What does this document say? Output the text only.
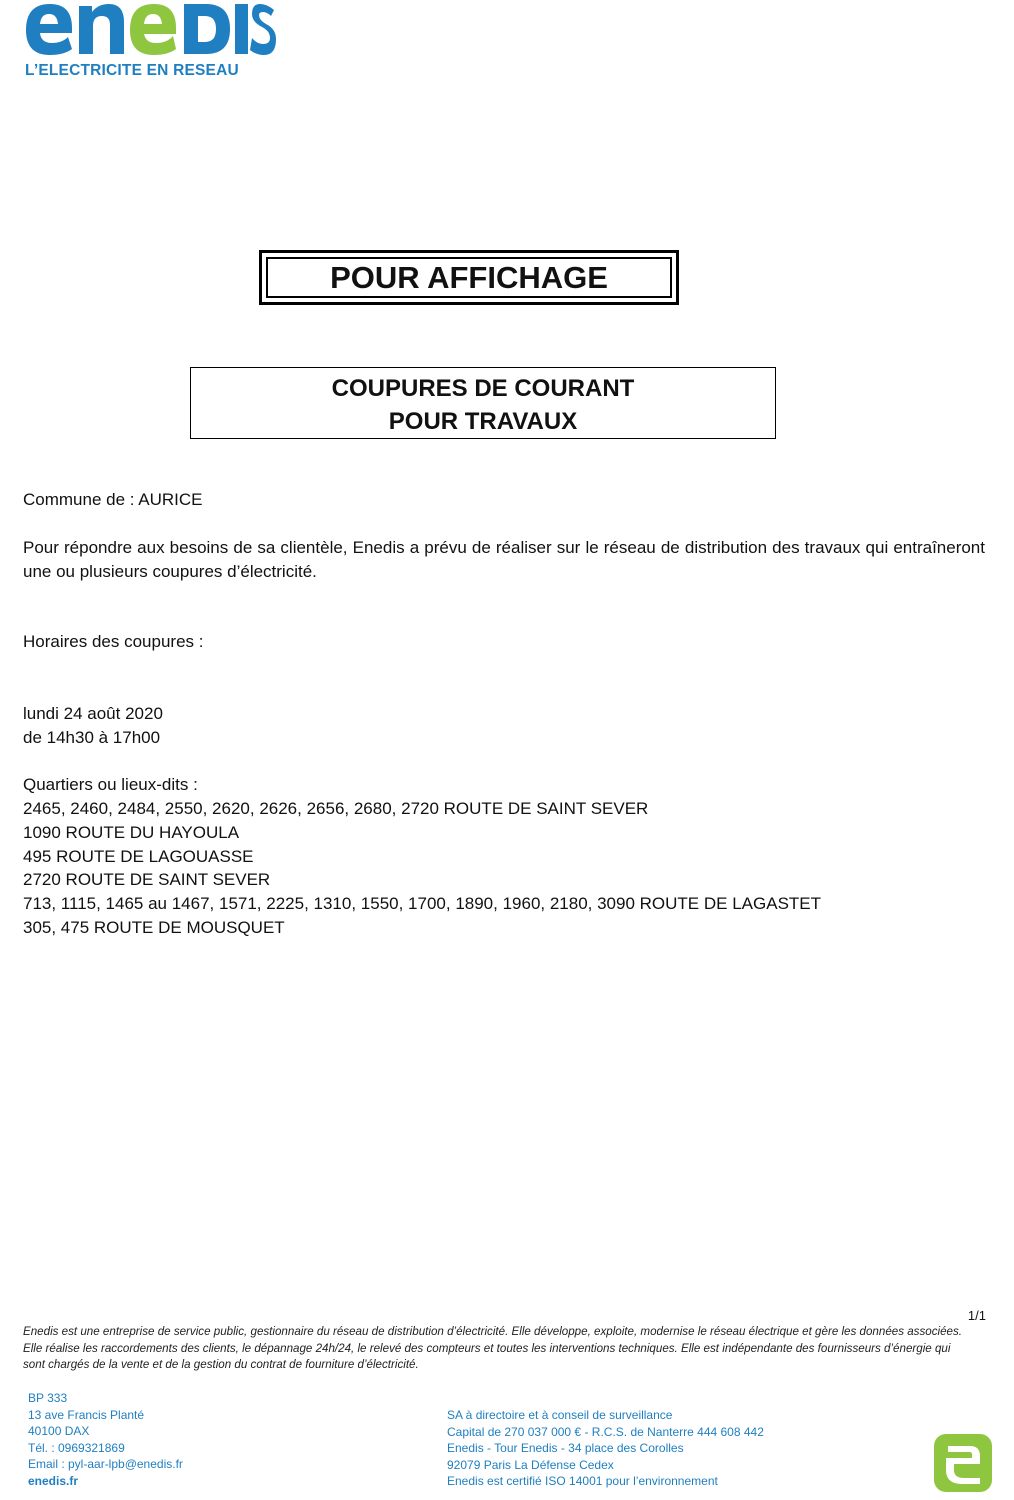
L’ELECTRICITE EN RESEAU
POUR AFFICHAGE
COUPURES DE COURANT
POUR TRAVAUX
Commune de : AURICE
Pour répondre aux besoins de sa clientèle, Enedis a prévu de réaliser sur le réseau de distribution des travaux qui entraîneront une ou plusieurs coupures d’électricité.
Horaires des coupures :
lundi 24 août 2020
de 14h30 à 17h00
Quartiers ou lieux-dits :
2465, 2460, 2484, 2550, 2620, 2626, 2656, 2680, 2720 ROUTE DE SAINT SEVER
1090 ROUTE DU HAYOULA
495 ROUTE DE LAGOUASSE
2720 ROUTE DE SAINT SEVER
713, 1115, 1465 au 1467, 1571, 2225, 1310, 1550, 1700, 1890, 1960, 2180, 3090 ROUTE DE LAGASTET
305, 475 ROUTE DE MOUSQUET
1/1
Enedis est une entreprise de service public, gestionnaire du réseau de distribution d’électricité. Elle développe, exploite, modernise le réseau électrique et gère les données associées. Elle réalise les raccordements des clients, le dépannage 24h/24, le relevé des compteurs et toutes les interventions techniques. Elle est indépendante des fournisseurs d’énergie qui sont chargés de la vente et de la gestion du contrat de fourniture d’électricité.
BP 333
13 ave Francis Planté
40100 DAX
Tél. : 0969321869
Email : pyl-aar-lpb@enedis.fr
enedis.fr
SA à directoire et à conseil de surveillance
Capital de 270 037 000 € - R.C.S. de Nanterre 444 608 442
Enedis - Tour Enedis - 34 place des Corolles
92079 Paris La Défense Cedex
Enedis est certifié ISO 14001 pour l’environnement
